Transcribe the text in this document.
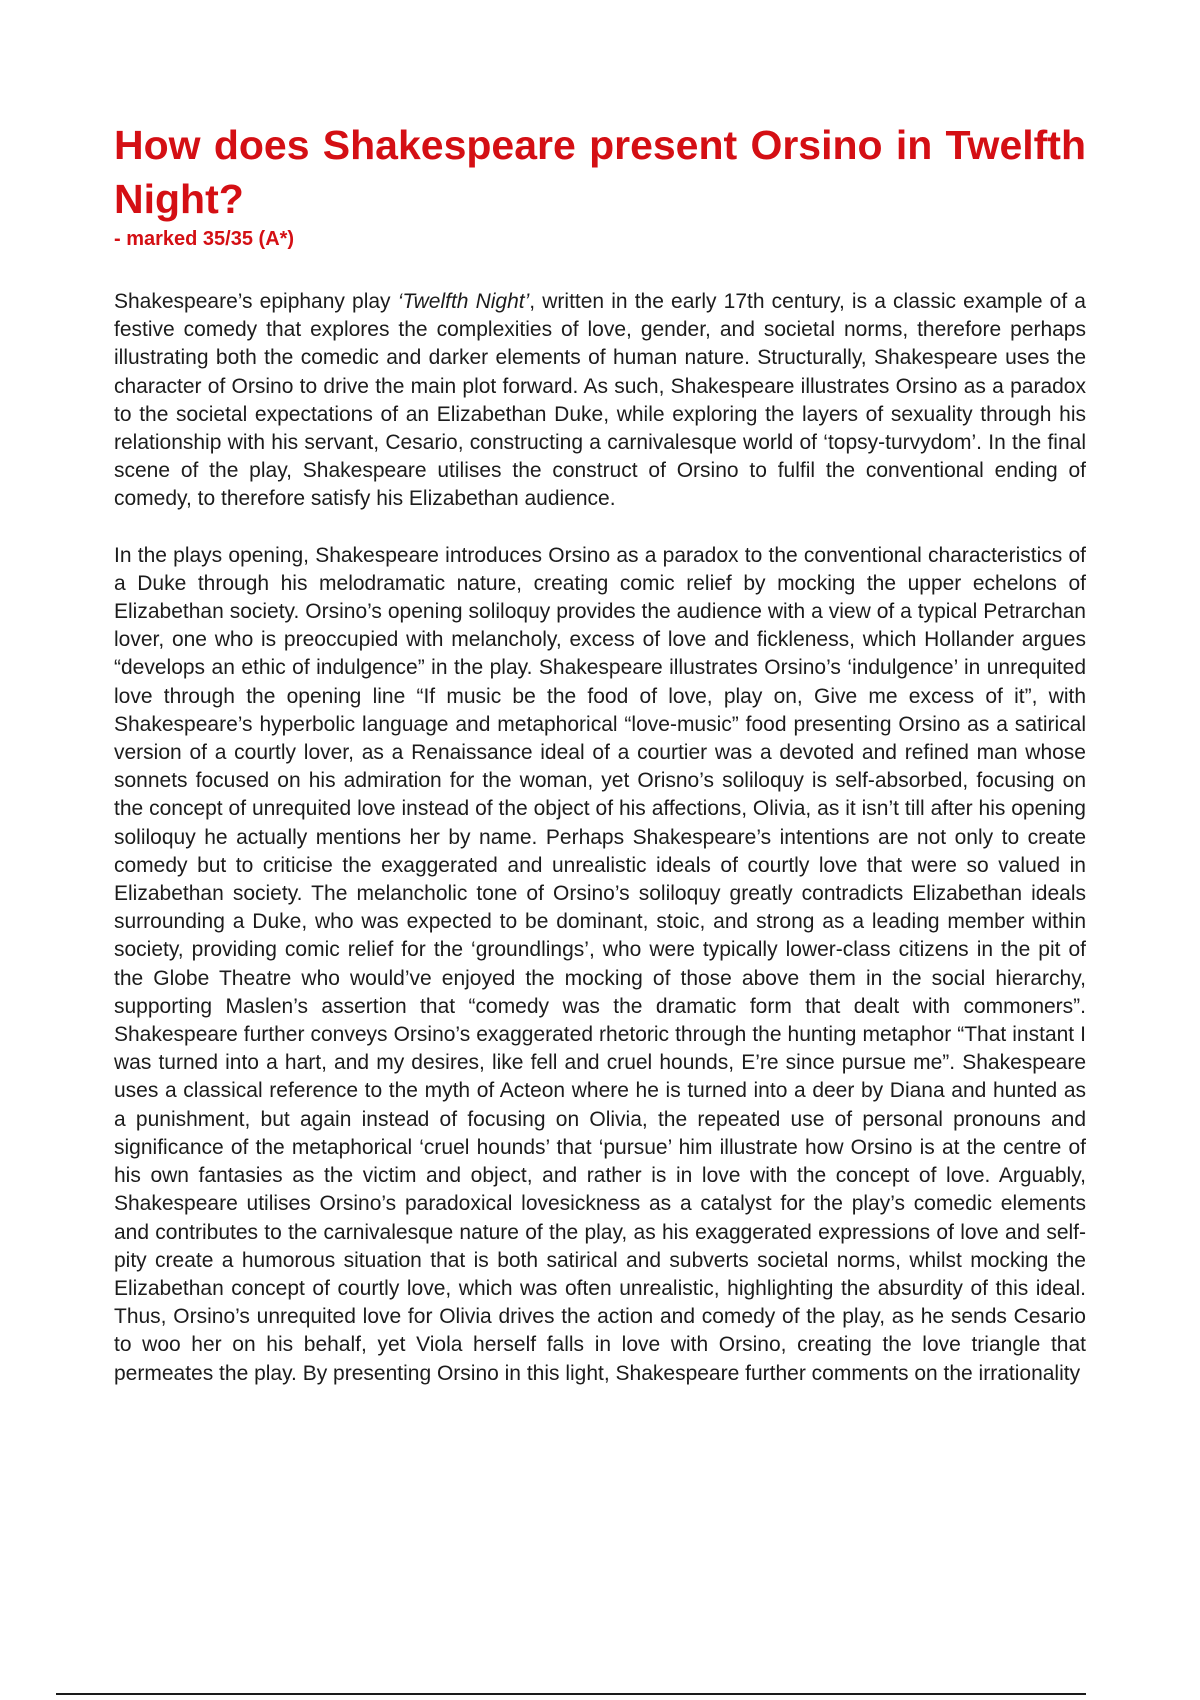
How does Shakespeare present Orsino in Twelfth Night?
- marked 35/35 (A*)

Shakespeare’s epiphany play ‘Twelfth Night’, written in the early 17th century, is a classic example of a festive comedy that explores the complexities of love, gender, and societal norms, therefore perhaps illustrating both the comedic and darker elements of human nature. Structurally, Shakespeare uses the character of Orsino to drive the main plot forward. As such, Shakespeare illustrates Orsino as a paradox to the societal expectations of an Elizabethan Duke, while exploring the layers of sexuality through his relationship with his servant, Cesario, constructing a carnivalesque world of ‘topsy-turvydom’. In the final scene of the play, Shakespeare utilises the construct of Orsino to fulfil the conventional ending of comedy, to therefore satisfy his Elizabethan audience.

In the plays opening, Shakespeare introduces Orsino as a paradox to the conventional characteristics of a Duke through his melodramatic nature, creating comic relief by mocking the upper echelons of Elizabethan society. Orsino’s opening soliloquy provides the audience with a view of a typical Petrarchan lover, one who is preoccupied with melancholy, excess of love and fickleness, which Hollander argues “develops an ethic of indulgence” in the play. Shakespeare illustrates Orsino’s ‘indulgence’ in unrequited love through the opening line “If music be the food of love, play on, Give me excess of it”, with Shakespeare’s hyperbolic language and metaphorical “love-music” food presenting Orsino as a satirical version of a courtly lover, as a Renaissance ideal of a courtier was a devoted and refined man whose sonnets focused on his admiration for the woman, yet Orisno’s soliloquy is self-absorbed, focusing on the concept of unrequited love instead of the object of his affections, Olivia, as it isn’t till after his opening soliloquy he actually mentions her by name. Perhaps Shakespeare’s intentions are not only to create comedy but to criticise the exaggerated and unrealistic ideals of courtly love that were so valued in Elizabethan society. The melancholic tone of Orsino’s soliloquy greatly contradicts Elizabethan ideals surrounding a Duke, who was expected to be dominant, stoic, and strong as a leading member within society, providing comic relief for the ‘groundlings’, who were typically lower-class citizens in the pit of the Globe Theatre who would’ve enjoyed the mocking of those above them in the social hierarchy, supporting Maslen’s assertion that “comedy was the dramatic form that dealt with commoners”. Shakespeare further conveys Orsino’s exaggerated rhetoric through the hunting metaphor “That instant I was turned into a hart, and my desires, like fell and cruel hounds, E’re since pursue me”. Shakespeare uses a classical reference to the myth of Acteon where he is turned into a deer by Diana and hunted as a punishment, but again instead of focusing on Olivia, the repeated use of personal pronouns and significance of the metaphorical ‘cruel hounds’ that ‘pursue’ him illustrate how Orsino is at the centre of his own fantasies as the victim and object, and rather is in love with the concept of love. Arguably, Shakespeare utilises Orsino’s paradoxical lovesickness as a catalyst for the play’s comedic elements and contributes to the carnivalesque nature of the play, as his exaggerated expressions of love and self-pity create a humorous situation that is both satirical and subverts societal norms, whilst mocking the Elizabethan concept of courtly love, which was often unrealistic, highlighting the absurdity of this ideal. Thus, Orsino’s unrequited love for Olivia drives the action and comedy of the play, as he sends Cesario to woo her on his behalf, yet Viola herself falls in love with Orsino, creating the love triangle that permeates the play. By presenting Orsino in this light, Shakespeare further comments on the irrationality
